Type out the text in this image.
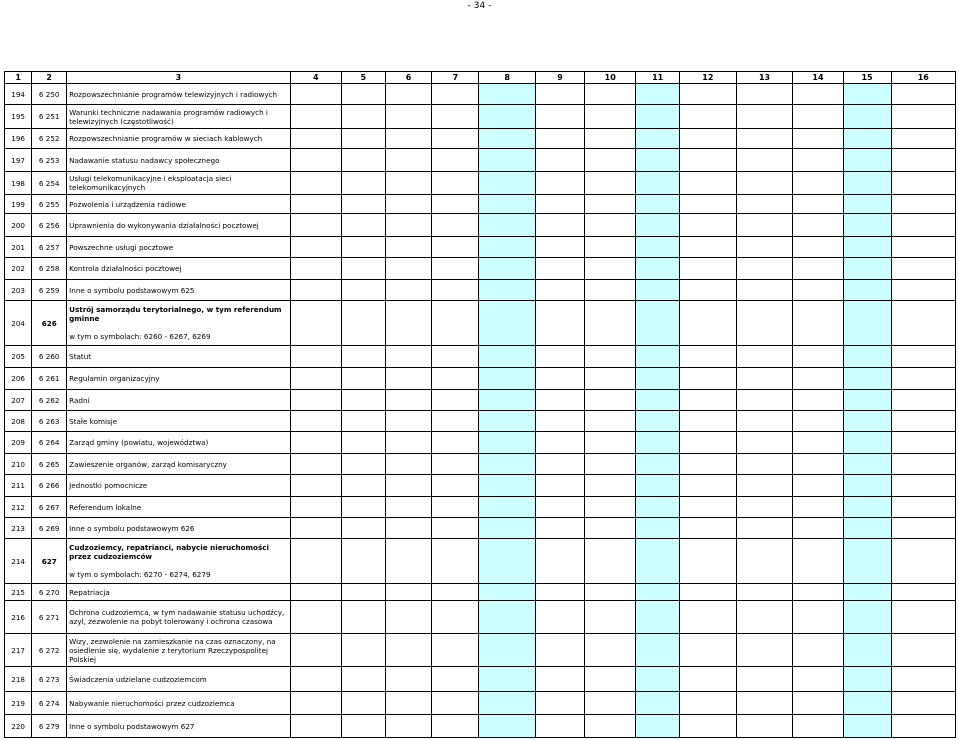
- 34 -
1	2	3	4	5	6	7	8	9	10	11	12	13	14	15	16
194	6 250	Rozpowszechnianie programów telewizyjnych i radiowych													
195	6 251	Warunki techniczne nadawania programów radiowych i telewizyjnych (częstotliwość)													
196	6 252	Rozpowszechnianie programów w sieciach kablowych													
197	6 253	Nadawanie statusu nadawcy społecznego													
198	6 254	Usługi telekomunikacyjne i eksploatacja sieci telekomunikacyjnych													
199	6 255	Pozwolenia i urządzenia radiowe													
200	6 256	Uprawnienia do wykonywania działalności pocztowej													
201	6 257	Powszechne usługi pocztowe													
202	6 258	Kontrola działalności pocztowej													
203	6 259	Inne o symbolu podstawowym 625													
204	626	Ustrój samorządu terytorialnego, w tym referendum gminne
w tym o symbolach: 6260 - 6267, 6269													

205	6 260	Statut													
206	6 261	Regulamin organizacyjny													
207	6 262	Radni													
208	6 263	Stałe komisje													
209	6 264	Zarząd gminy (powiatu, województwa)													
210	6 265	Zawieszenie organów, zarząd komisaryczny													
211	6 266	Jednostki pomocnicze													
212	6 267	Referendum lokalne													
213	6 269	Inne o symbolu podstawowym 626													
214	627	Cudzoziemcy, repatrianci, nabycie nieruchomości przez cudzoziemców
w tym o symbolach: 6270 - 6274, 6279													

215	6 270	Repatriacja													
216	6 271	Ochrona cudzoziemca, w tym nadawanie statusu uchodźcy, azyl, zezwolenie na pobyt tolerowany i ochrona czasowa													
217	6 272	Wizy, zezwolenie na zamieszkanie na czas oznaczony, na osiedlenie się, wydalenie z terytorium Rzeczypospolitej Polskiej													
218	6 273	Świadczenia udzielane cudzoziemcom													
219	6 274	Nabywanie nieruchomości przez cudzoziemca													
220	6 279	Inne o symbolu podstawowym 627													
